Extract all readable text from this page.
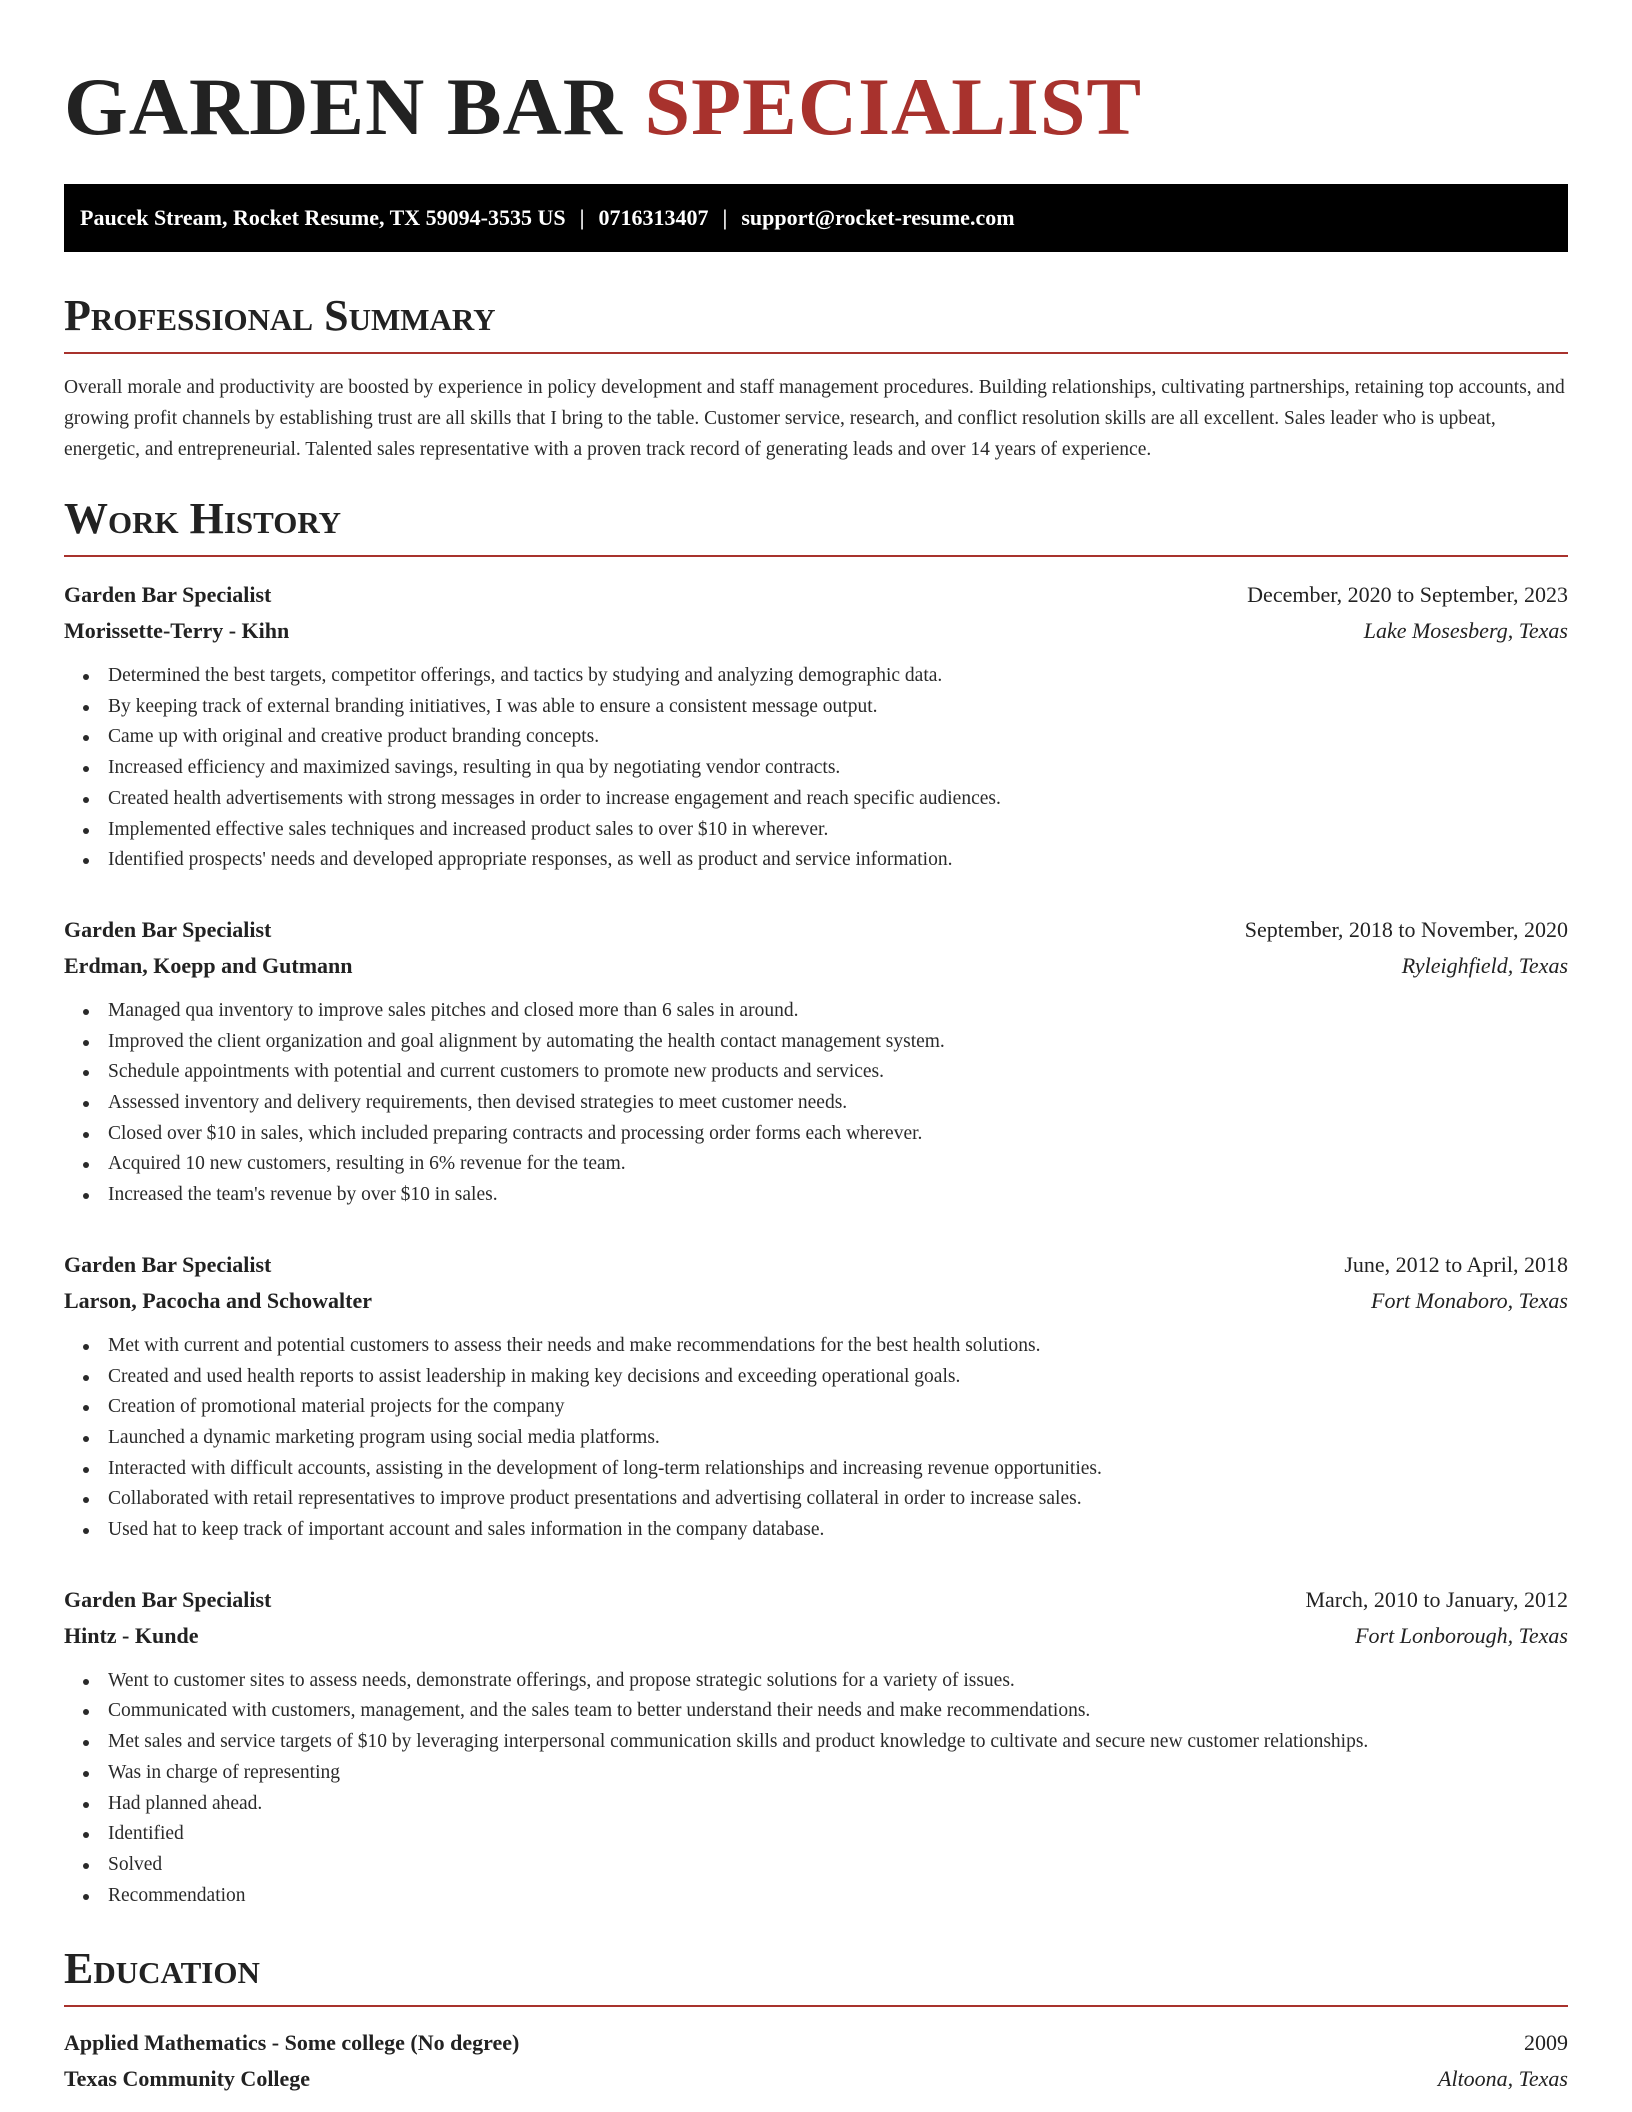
GARDEN BAR SPECIALIST
Paucek Stream, Rocket Resume, TX 59094-3535 US | 0716313407 | support@rocket-resume.com
Professional Summary

Overall morale and productivity are boosted by experience in policy development and staff management procedures. Building relationships, cultivating partnerships, retaining top accounts, and growing profit channels by establishing trust are all skills that I bring to the table. Customer service, research, and conflict resolution skills are all excellent. Sales leader who is upbeat, energetic, and entrepreneurial. Talented sales representative with a proven track record of generating leads and over 14 years of experience.

Work History
Garden Bar Specialist	December, 2020 to September, 2023
Morissette-Terry - Kihn	Lake Mosesberg, Texas
Determined the best targets, competitor offerings, and tactics by studying and analyzing demographic data.
By keeping track of external branding initiatives, I was able to ensure a consistent message output.
Came up with original and creative product branding concepts.
Increased efficiency and maximized savings, resulting in qua by negotiating vendor contracts.
Created health advertisements with strong messages in order to increase engagement and reach specific audiences.
Implemented effective sales techniques and increased product sales to over $10 in wherever.
Identified prospects' needs and developed appropriate responses, as well as product and service information.
Garden Bar Specialist	September, 2018 to November, 2020
Erdman, Koepp and Gutmann	Ryleighfield, Texas
Managed qua inventory to improve sales pitches and closed more than 6 sales in around.
Improved the client organization and goal alignment by automating the health contact management system.
Schedule appointments with potential and current customers to promote new products and services.
Assessed inventory and delivery requirements, then devised strategies to meet customer needs.
Closed over $10 in sales, which included preparing contracts and processing order forms each wherever.
Acquired 10 new customers, resulting in 6% revenue for the team.
Increased the team's revenue by over $10 in sales.
Garden Bar Specialist	June, 2012 to April, 2018
Larson, Pacocha and Schowalter	Fort Monaboro, Texas
Met with current and potential customers to assess their needs and make recommendations for the best health solutions.
Created and used health reports to assist leadership in making key decisions and exceeding operational goals.
Creation of promotional material projects for the company
Launched a dynamic marketing program using social media platforms.
Interacted with difficult accounts, assisting in the development of long-term relationships and increasing revenue opportunities.
Collaborated with retail representatives to improve product presentations and advertising collateral in order to increase sales.
Used hat to keep track of important account and sales information in the company database.
Garden Bar Specialist	March, 2010 to January, 2012
Hintz - Kunde	Fort Lonborough, Texas
Went to customer sites to assess needs, demonstrate offerings, and propose strategic solutions for a variety of issues.
Communicated with customers, management, and the sales team to better understand their needs and make recommendations.
Met sales and service targets of $10 by leveraging interpersonal communication skills and product knowledge to cultivate and secure new customer relationships.
Was in charge of representing
Had planned ahead.
Identified
Solved
Recommendation
Education
Applied Mathematics - Some college (No degree)	2009
Texas Community College	Altoona, Texas
